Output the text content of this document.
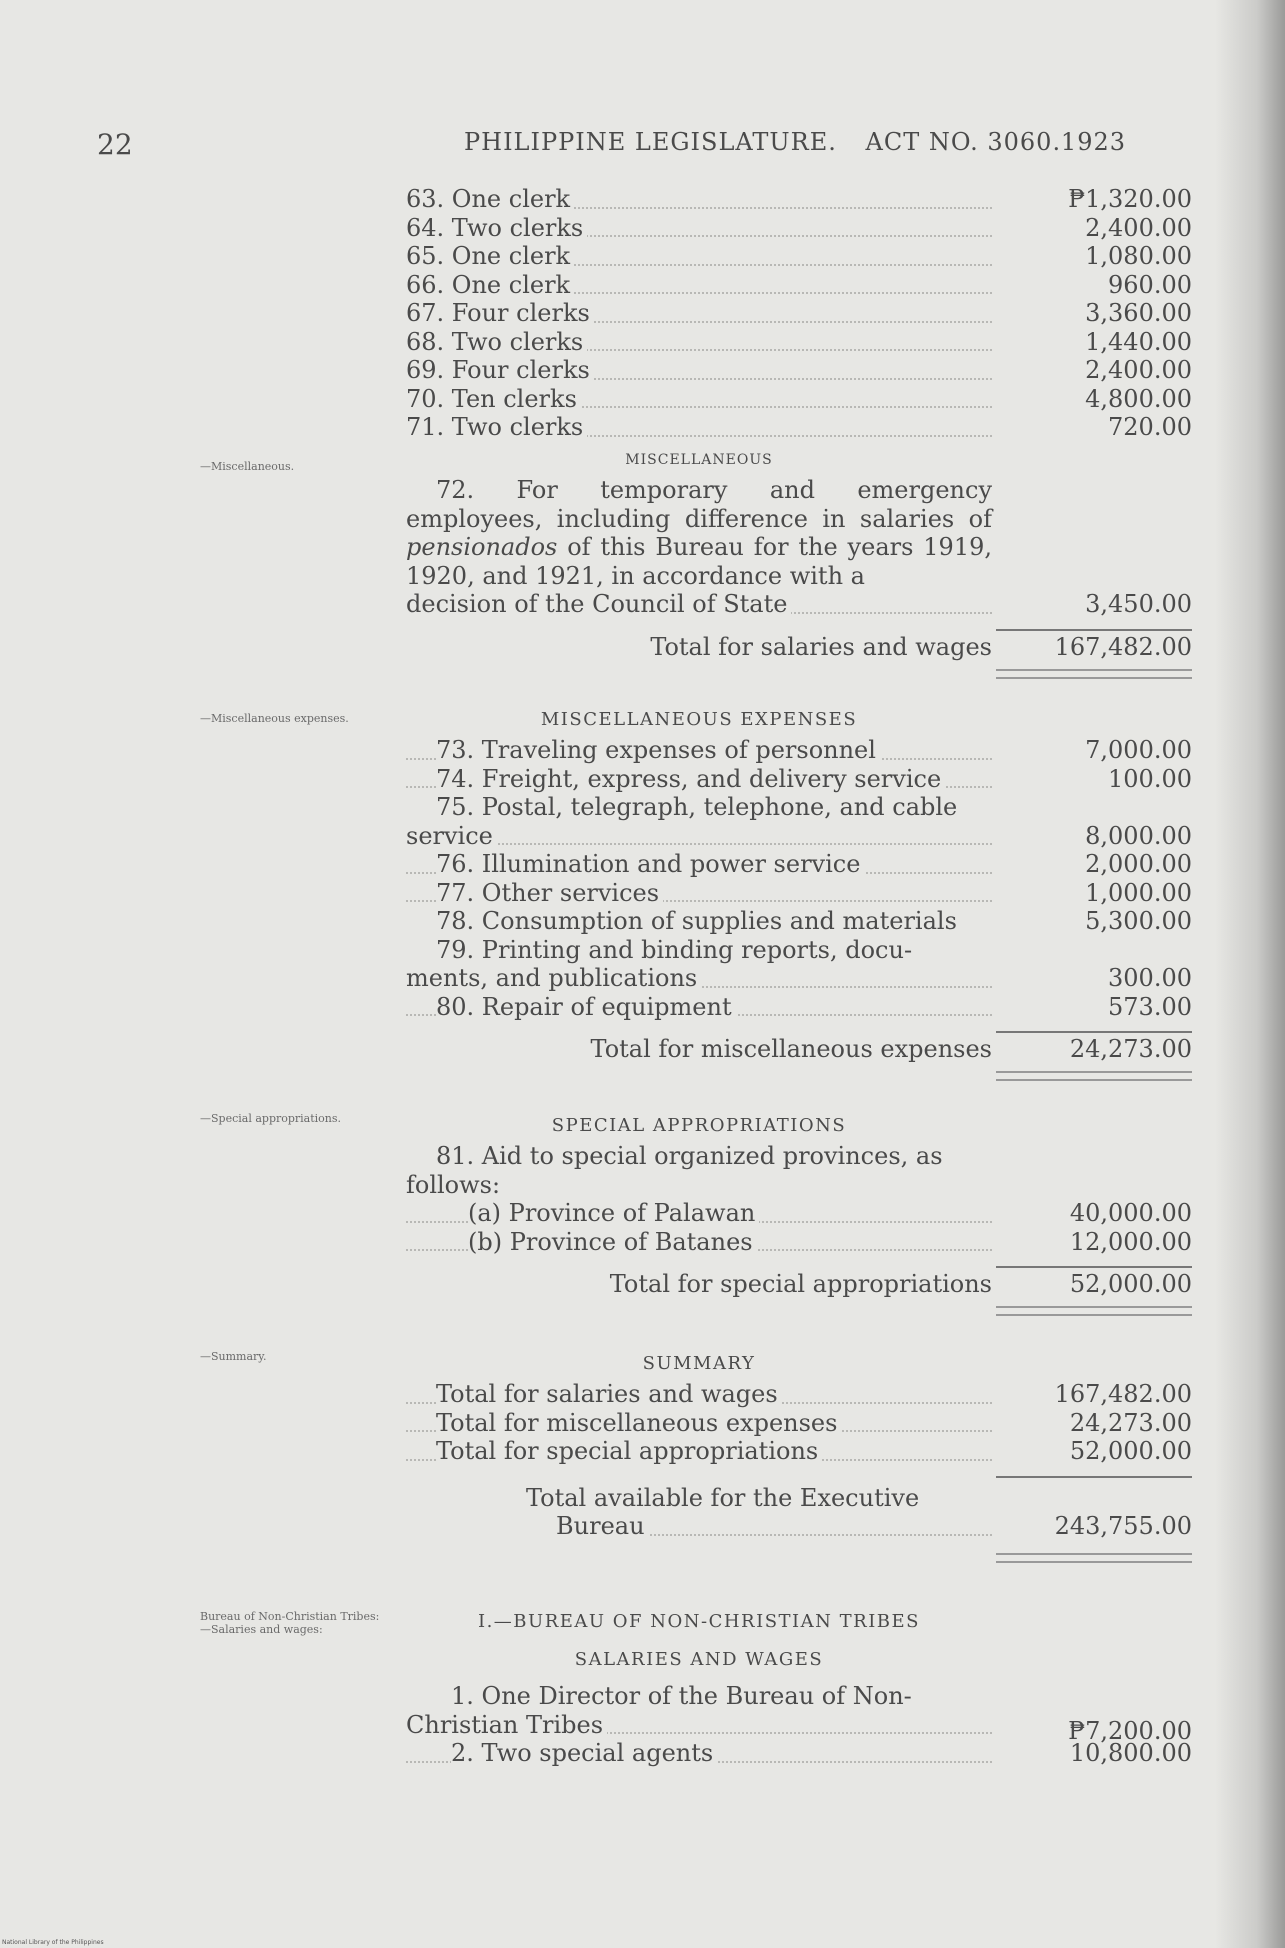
22	PHILIPPINE LEGISLATURE. ACT NO. 3060. 1923
63. One clerk	₱1,320.00
64. Two clerks	2,400.00
65. One clerk	1,080.00
66. One clerk	960.00
67. Four clerks	3,360.00
68. Two clerks	1,440.00
69. Four clerks	2,400.00
70. Ten clerks	4,800.00
71. Two clerks	720.00
—Miscellaneous.	MISCELLANEOUS
72. For temporary and emergency employees, including difference in salaries of pensionados of this Bureau for the years 1919, 1920, and 1921, in accordance with a
decision of the Council of State	3,450.00
Total for salaries and wages	167,482.00
—Miscellaneous expenses.	MISCELLANEOUS EXPENSES
73. Traveling expenses of personnel	7,000.00
74. Freight, express, and delivery service	100.00
75. Postal, telegraph, telephone, and cable
service	8,000.00
76. Illumination and power service	2,000.00
77. Other services	1,000.00
78. Consumption of supplies and materials	5,300.00
79. Printing and binding reports, docu-
ments, and publications	300.00
80. Repair of equipment	573.00
Total for miscellaneous expenses	24,273.00
—Special appropriations.	SPECIAL APPROPRIATIONS
81. Aid to special organized provinces, as
follows:
(a) Province of Palawan	40,000.00
(b) Province of Batanes	12,000.00
Total for special appropriations	52,000.00
—Summary.	SUMMARY
Total for salaries and wages	167,482.00
Total for miscellaneous expenses	24,273.00
Total for special appropriations	52,000.00
Total available for the Executive
Bureau	243,755.00
Bureau of Non-Christian Tribes:
—Salaries and wages:	I.—BUREAU OF NON-CHRISTIAN TRIBES
SALARIES AND WAGES
1. One Director of the Bureau of Non-
Christian Tribes	₱7,200.00
2. Two special agents	10,800.00
National Library of the Philippines
